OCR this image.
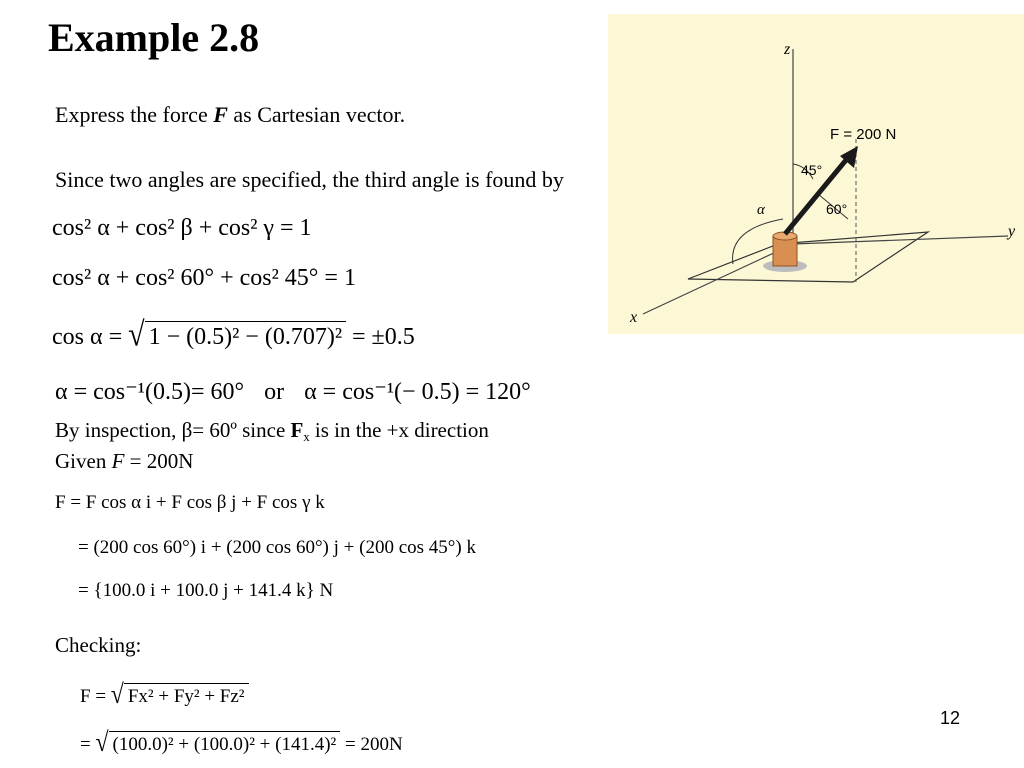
Example 2.8
Express the force F as Cartesian vector.
Since two angles are specified, the third angle is found by
cos² α + cos² β + cos² γ = 1
cos² α + cos² 60° + cos² 45° = 1
cos α = √ 1 − (0.5)² − (0.707)² = ±0.5
α = cos⁻¹(0.5)= 60° or α = cos⁻¹(− 0.5) = 120°
By inspection, β= 60º since $F_x$ is in the +x direction
Given F = 200N
F = F cos α i + F cos β j + F cos γ k
= (200 cos 60°) i + (200 cos 60°) j + (200 cos 45°) k
= {100.0 i + 100.0 j + 141.4 k} N
Checking:
F = √ Fx² + Fy² + Fz²
= √ (100.0)² + (100.0)² + (141.4)² = 200N
z
y
x
F = 200 N
45°
60°
α
12
